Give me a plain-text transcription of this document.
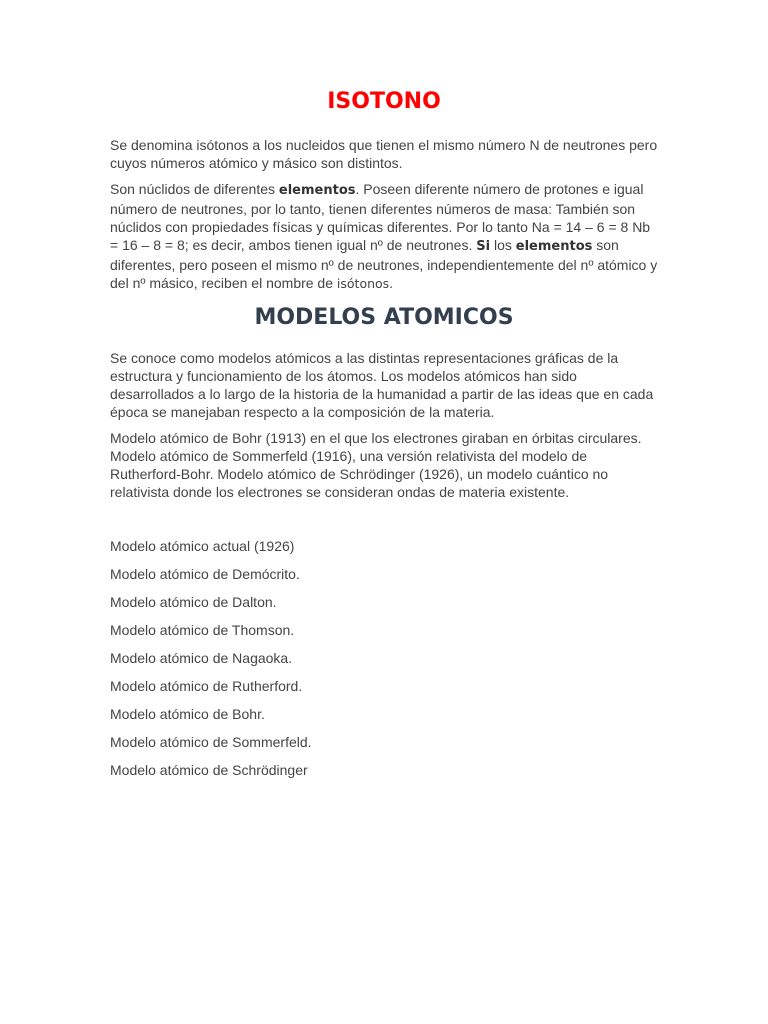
ISOTONO

Se denomina isótonos a los nucleidos que tienen el mismo número N de neutrones pero cuyos números atómico y másico son distintos.

Son núclidos de diferentes elementos. Poseen diferente número de protones e igual número de neutrones, por lo tanto, tienen diferentes números de masa: También son núclidos con propiedades físicas y químicas diferentes. Por lo tanto Na = 14 – 6 = 8 Nb = 16 – 8 = 8; es decir, ambos tienen igual nº de neutrones. Si los elementos son diferentes, pero poseen el mismo nº de neutrones, independientemente del nº atómico y del nº másico, reciben el nombre de isótonos.

MODELOS ATOMICOS

Se conoce como modelos atómicos a las distintas representaciones gráficas de la estructura y funcionamiento de los átomos. Los modelos atómicos han sido desarrollados a lo largo de la historia de la humanidad a partir de las ideas que en cada época se manejaban respecto a la composición de la materia.

Modelo atómico de Bohr (1913) en el que los electrones giraban en órbitas circulares. Modelo atómico de Sommerfeld (1916), una versión relativista del modelo de Rutherford-Bohr. Modelo atómico de Schrödinger (1926), un modelo cuántico no relativista donde los electrones se consideran ondas de materia existente.

Modelo atómico actual (1926)
Modelo atómico de Demócrito.
Modelo atómico de Dalton.
Modelo atómico de Thomson.
Modelo atómico de Nagaoka.
Modelo atómico de Rutherford.
Modelo atómico de Bohr.
Modelo atómico de Sommerfeld.
Modelo atómico de Schrödinger
